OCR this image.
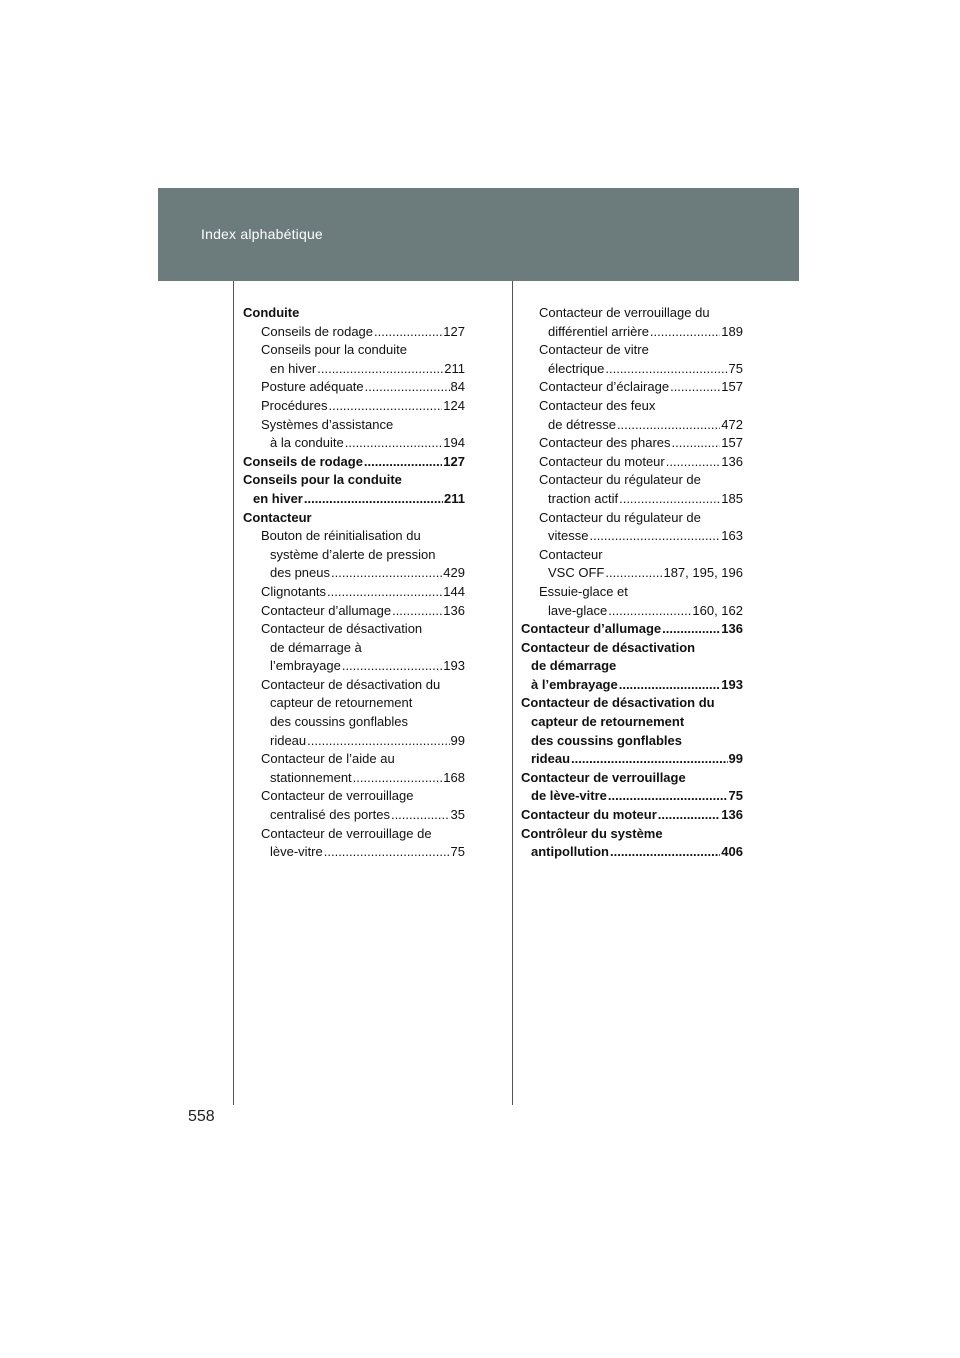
Index alphabétique
Conduite
Conseils de rodage .....	127
Conseils pour la conduite
en hiver .....	211
Posture adéquate .....	84
Procédures .....	124
Systèmes d’assistance
à la conduite .....	194
Conseils de rodage .....	127
Conseils pour la conduite
en hiver .....	211
Contacteur
Bouton de réinitialisation du
système d’alerte de pression
des pneus .....	429
Clignotants .....	144
Contacteur d’allumage .....	136
Contacteur de désactivation
de démarrage à
l’embrayage .....	193
Contacteur de désactivation du
capteur de retournement
des coussins gonflables
rideau .....	99
Contacteur de l’aide au
stationnement .....	168
Contacteur de verrouillage
centralisé des portes .....	35
Contacteur de verrouillage de
lève-vitre .....	75
Contacteur de verrouillage du
différentiel arrière .....	189
Contacteur de vitre
électrique .....	75
Contacteur d’éclairage .....	157
Contacteur des feux
de détresse .....	472
Contacteur des phares .....	157
Contacteur du moteur .....	136
Contacteur du régulateur de
traction actif .....	185
Contacteur du régulateur de
vitesse .....	163
Contacteur
VSC OFF .....	187, 195, 196
Essuie-glace et
lave-glace .....	160, 162
Contacteur d’allumage .....	136
Contacteur de désactivation
de démarrage
à l’embrayage .....	193
Contacteur de désactivation du
capteur de retournement
des coussins gonflables
rideau .....	99
Contacteur de verrouillage
de lève-vitre .....	75
Contacteur du moteur .....	136
Contrôleur du système
antipollution .....	406
558
